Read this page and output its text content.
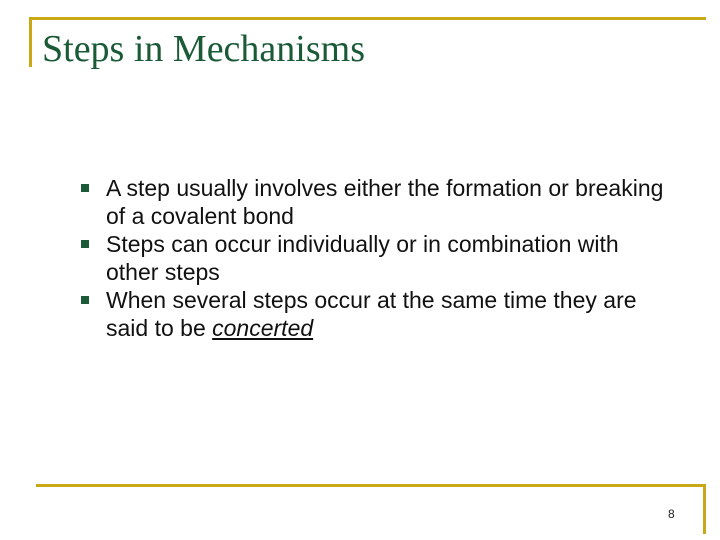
Steps in Mechanisms
A step usually involves either the formation or breaking of a covalent bond
Steps can occur individually or in combination with other steps
When several steps occur at the same time they are said to be concerted
8
